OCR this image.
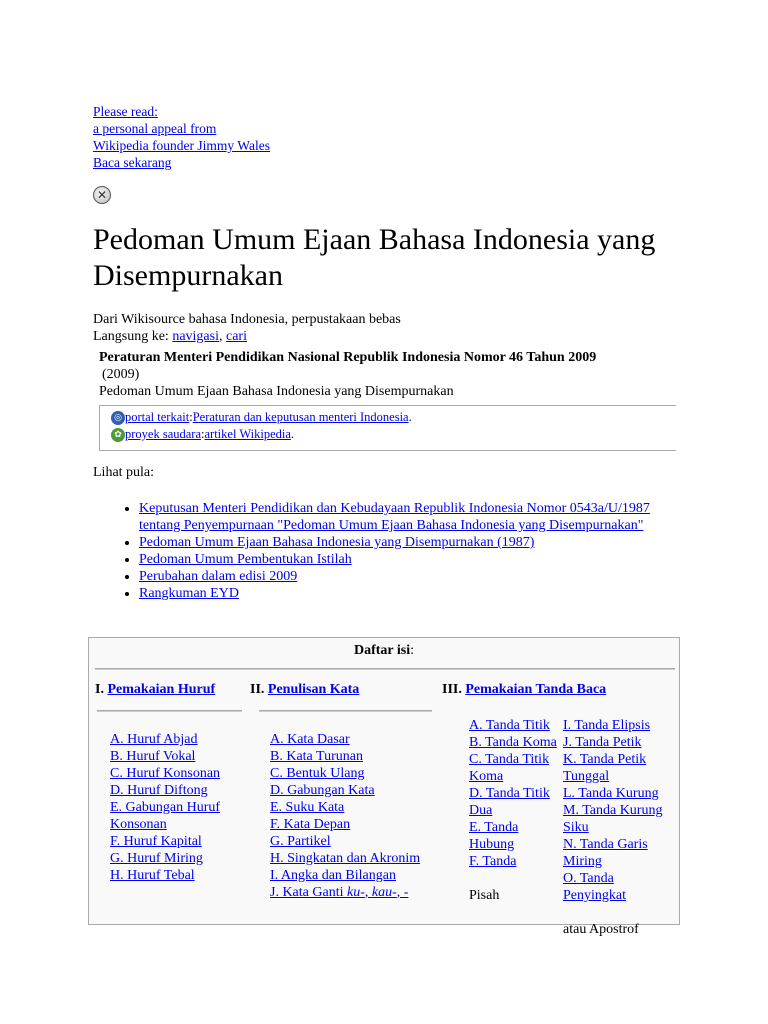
Please read:
a personal appeal from
Wikipedia founder Jimmy Wales
Baca sekarang
✕
Pedoman Umum Ejaan Bahasa Indonesia yang Disempurnakan
Dari Wikisource bahasa Indonesia, perpustakaan bebas
Langsung ke: navigasi, cari
Peraturan Menteri Pendidikan Nasional Republik Indonesia Nomor 46 Tahun 2009
(2009)
Pedoman Umum Ejaan Bahasa Indonesia yang Disempurnakan
◎ portal terkait : Peraturan dan keputusan menteri Indonesia .
✿ proyek saudara : artikel Wikipedia .
Lihat pula:
• Keputusan Menteri Pendidikan dan Kebudayaan Republik Indonesia Nomor 0543a/U/1987 tentang Penyempurnaan "Pedoman Umum Ejaan Bahasa Indonesia yang Disempurnakan"
• Pedoman Umum Ejaan Bahasa Indonesia yang Disempurnakan (1987)
• Pedoman Umum Pembentukan Istilah
• Perubahan dalam edisi 2009
• Rangkuman EYD
Daftar isi:
I. Pemakaian Huruf
A. Huruf Abjad
B. Huruf Vokal
C. Huruf Konsonan
D. Huruf Diftong
E. Gabungan Huruf Konsonan
F. Huruf Kapital
G. Huruf Miring
H. Huruf Tebal
II. Penulisan Kata
A. Kata Dasar
B. Kata Turunan
C. Bentuk Ulang
D. Gabungan Kata
E. Suku Kata
F. Kata Depan
G. Partikel
H. Singkatan dan Akronim
I. Angka dan Bilangan
J. Kata Ganti ku-, kau-, -
III. Pemakaian Tanda Baca
A. Tanda Titik
B. Tanda Koma
C. Tanda Titik Koma
D. Tanda Titik Dua
E. Tanda Hubung
F. Tanda

Pisah
I. Tanda Elipsis
J. Tanda Petik
K. Tanda Petik Tunggal
L. Tanda Kurung
M. Tanda Kurung Siku
N. Tanda Garis Miring
O. Tanda Penyingkat

atau Apostrof
